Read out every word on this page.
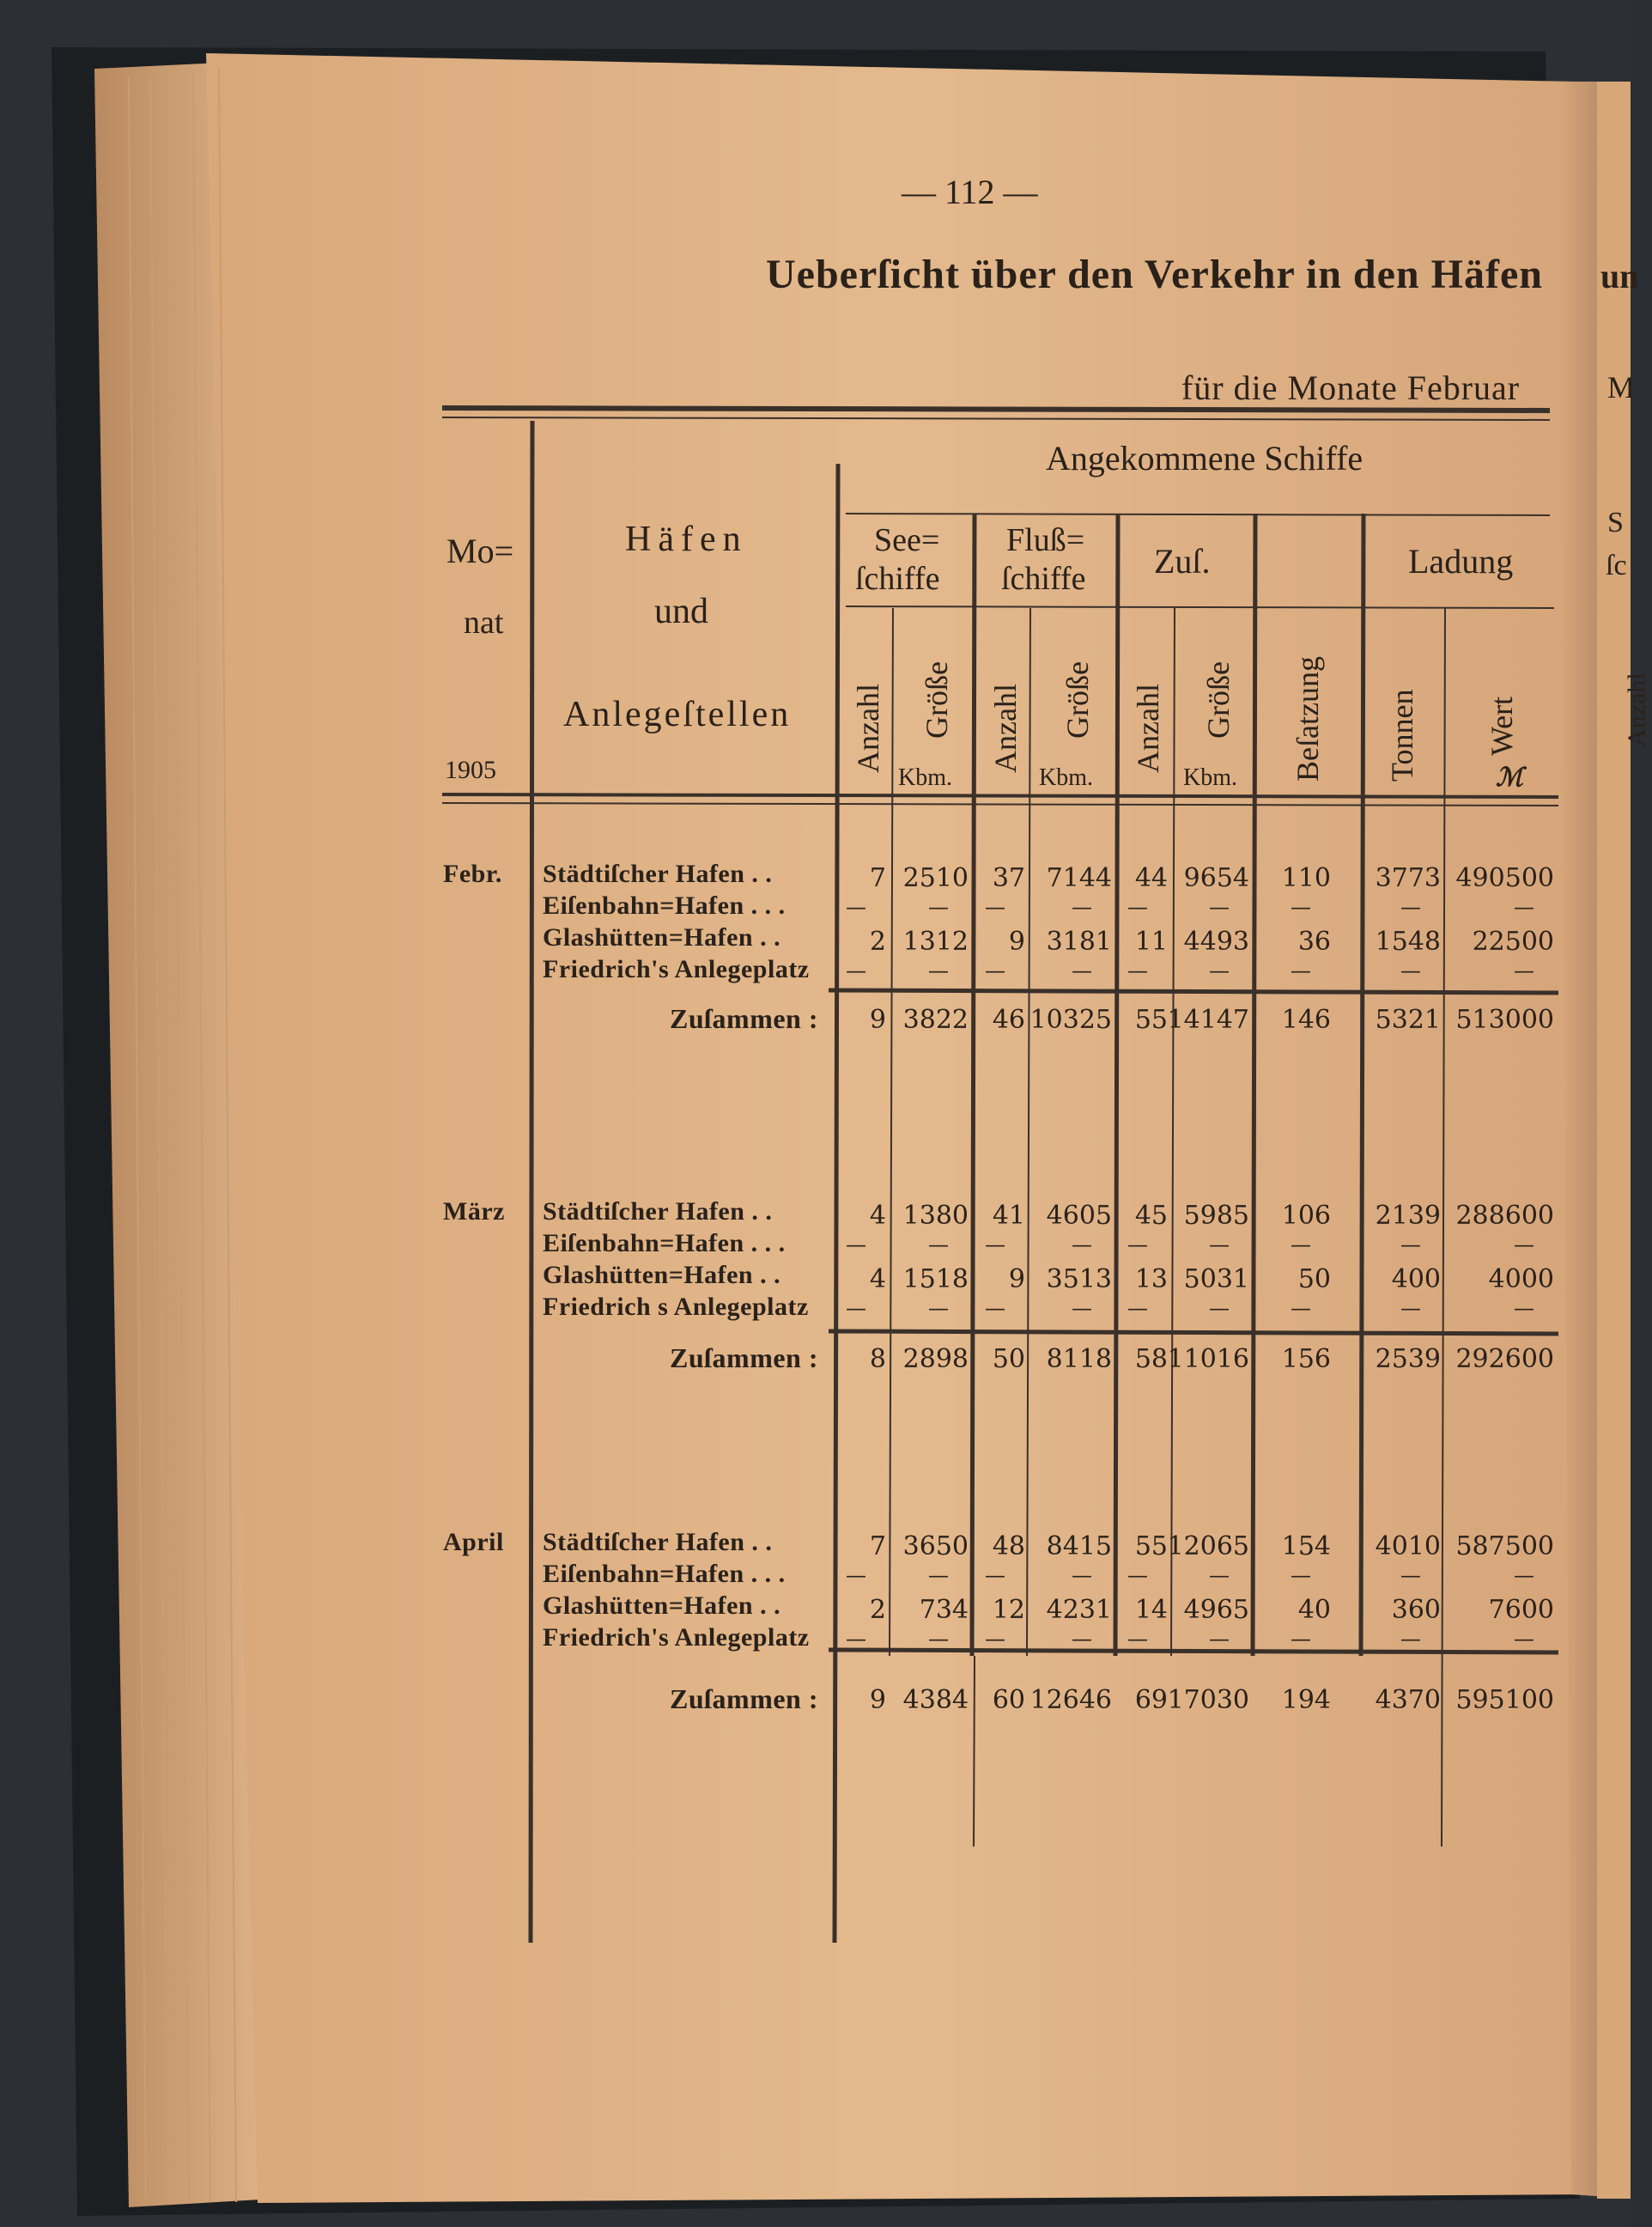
— 112 —
Ueberſicht über den Verkehr in den Häfen
für die Monate Februar
un
M
S
ſc
Anzahl
Angekommene Schiffe
Mo=
nat
1905
Häfen
und
Anlegeſtellen
See=
ſchiffe
Fluß=
ſchiffe Zuſ.	Ladung
Anzahl Größe Anzahl Größe Anzahl Größe Beſatzung Tonnen Wert
Kbm.	Kbm.	Kbm.	ℳ
Febr. Städtiſcher Hafen . .	7 2510 37 7144 44 9654	110	3773 490500
Eiſenbahn=Hafen . . .	—	—	—	—	—	—	—	—	—
Glashütten=Hafen . .	2 1312	9 3181 11 4493	36	1548	22500
Friedrich's Anlegeplatz	—	—	—	—	—	—	—	—	—
Zuſammen :	9 3822 46 10325 55 14147	146	5321 513000
März Städtiſcher Hafen . .	4 1380 41 4605 45 5985	106	2139 288600
Eiſenbahn=Hafen . . .	—	—	—	—	—	—	—	—	—
Glashütten=Hafen . .	4 1518	9 3513 13 5031	50	400	4000
Friedrich s Anlegeplatz	—	—	—	—	—	—	—	—	—
Zuſammen :	8 2898 50 8118 58 11016	156	2539 292600
April Städtiſcher Hafen . .	7 3650 48 8415 55 12065	154	4010 587500
Eiſenbahn=Hafen . . .	—	—	—	—	—	—	—	—	—
Glashütten=Hafen . .	2	734 12 4231 14 4965	40	360	7600
Friedrich's Anlegeplatz	—	—	—	—	—	—	—	—	—
Zuſammen :	9 4384 60 12646 69 17030	194	4370 595100
